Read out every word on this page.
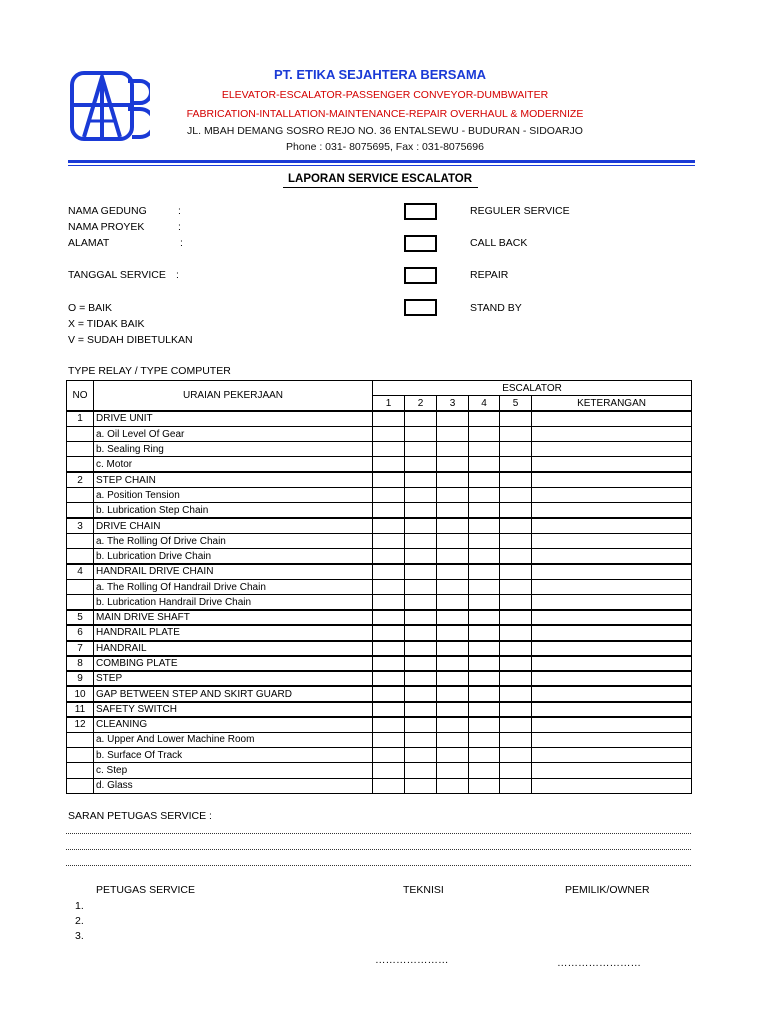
PT. ETIKA SEJAHTERA BERSAMA
ELEVATOR-ESCALATOR-PASSENGER CONVEYOR-DUMBWAITER
FABRICATION-INTALLATION-MAINTENANCE-REPAIR OVERHAUL & MODERNIZE
JL. MBAH DEMANG SOSRO REJO NO. 36 ENTALSEWU - BUDURAN - SIDOARJO
Phone : 031- 8075695, Fax : 031-8075696
LAPORAN SERVICE ESCALATOR
NAMA GEDUNG	:
NAMA PROYEK	:
ALAMAT	:
TANGGAL SERVICE :
REGULER SERVICE
CALL BACK
REPAIR
STAND BY
O = BAIK
X = TIDAK BAIK
V = SUDAH DIBETULKAN
TYPE RELAY / TYPE COMPUTER
NO	URAIAN PEKERJAAN	ESCALATOR					
		1	2	3	4	5	KETERANGAN
1	DRIVE UNIT						
	a. Oil Level Of Gear						
	b. Sealing Ring						
	c. Motor						
2	STEP CHAIN						
	a. Position Tension						
	b. Lubrication Step Chain						
3	DRIVE CHAIN						
	a. The Rolling Of Drive Chain						
	b. Lubrication Drive Chain						
4	HANDRAIL DRIVE CHAIN						
	a. The Rolling Of Handrail Drive Chain						
	b. Lubrication Handrail Drive Chain						
5	MAIN DRIVE SHAFT						
6	HANDRAIL PLATE						
7	HANDRAIL						
8	COMBING PLATE						
9	STEP						
10	GAP BETWEEN STEP AND SKIRT GUARD						
11	SAFETY SWITCH						
12	CLEANING						
	a. Upper And Lower Machine Room						
	b. Surface Of Track						
	c. Step						
	d. Glass						
SARAN PETUGAS SERVICE :
PETUGAS SERVICE	TEKNISI	PEMILIK/OWNER
1.
2.
3.
…………………	……………………
